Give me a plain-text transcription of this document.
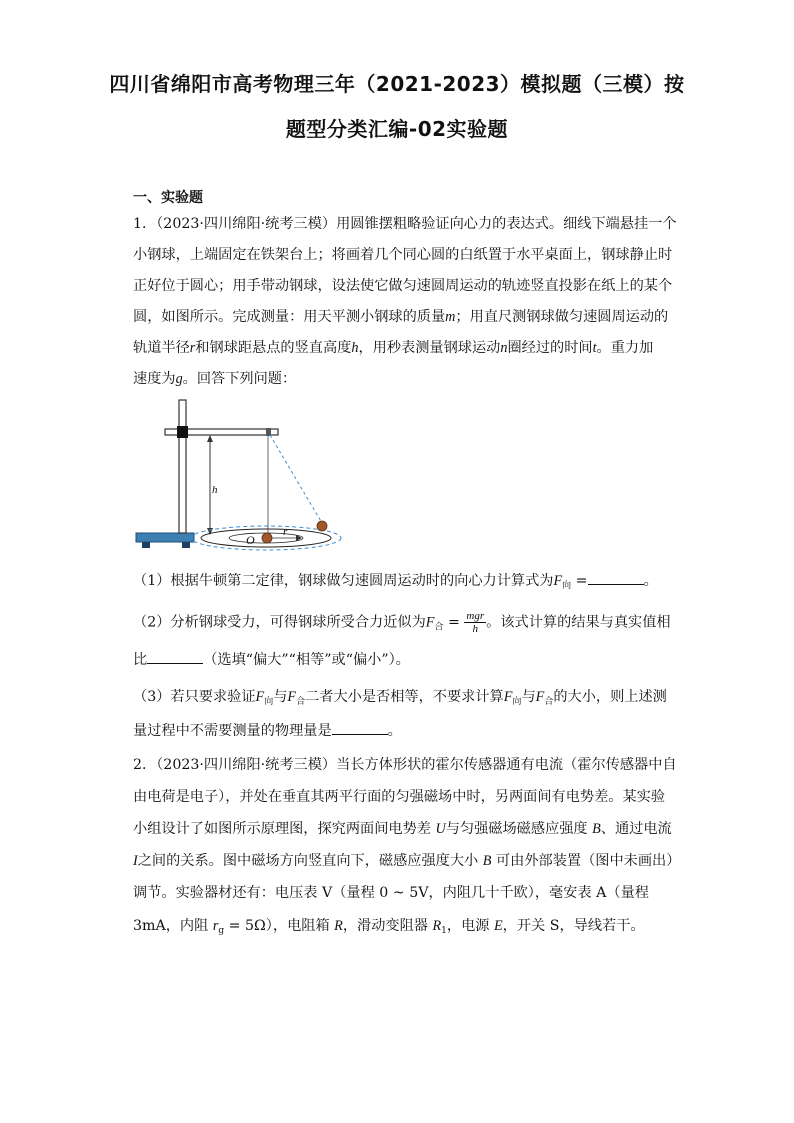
四川省绵阳市高考物理三年（2021-2023）模拟题（三模）按
题型分类汇编-02实验题
一、实验题
1．（2023·四川绵阳·统考三模）用圆锥摆粗略验证向心力的表达式。细线下端悬挂一个
小钢球，上端固定在铁架台上；将画着几个同心圆的白纸置于水平桌面上，钢球静止时
正好位于圆心；用手带动钢球，设法使它做匀速圆周运动的轨迹竖直投影在纸上的某个
圆，如图所示。完成测量：用天平测小钢球的质量m；用直尺测钢球做匀速圆周运动的
轨道半径r和钢球距悬点的竖直高度h，用秒表测量钢球运动n圈经过的时间t。重力加
速度为g。回答下列问题：
h
O
r
（1）根据牛顿第二定律，钢球做匀速圆周运动时的向心力计算式为$F_向$ =	。
（2）分析钢球受力，可得钢球所受合力近似为$F_合 = \frac{\text{mgr}}{h}$ 。该式计算的结果与真实值相
比	（选填“偏大”“相等”或“偏小”）。
（3）若只要求验证$F_向$与$F_合$二者大小是否相等，不要求计算$F_向$与$F_合$的大小，则上述测
量过程中不需要测量的物理量是	。
2．（2023·四川绵阳·统考三模）当长方体形状的霍尔传感器通有电流（霍尔传感器中自
由电荷是电子），并处在垂直其两平行面的匀强磁场中时，另两面间有电势差。某实验
小组设计了如图所示原理图，探究两面间电势差 U与匀强磁场磁感应强度 B、通过电流
I之间的关系。图中磁场方向竖直向下，磁感应强度大小 B 可由外部装置（图中未画出）
调节。实验器材还有：电压表 V（量程 0 ~ 5V，内阻几十千欧），毫安表 A（量程
3mA，内阻 $r_g = 5\Omega$），电阻箱 R，滑动变阻器 $R_1$，电源 E，开关 S，导线若干。
